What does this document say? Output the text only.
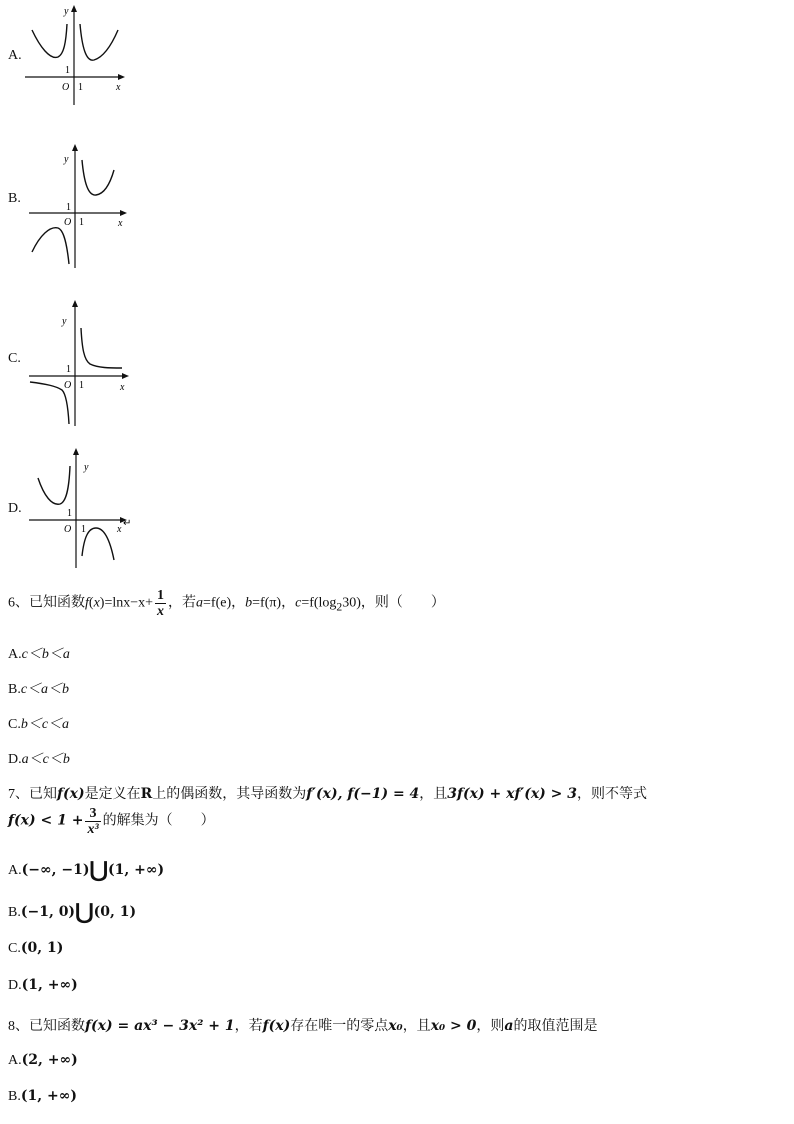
A.
y
x
O 1
1
B.
y
x
O 1
1
C.
y
x
O 1
1
D.
y
x
↵
O 1
1
6、已知函数$f(x)=\ln x-x+ \frac{1}{x}$ ，若a=f(e)，b=f(π)，$c=f(\log_230)$，则（　　）
A.c＜b＜a
B.c＜a＜b
C.b＜c＜a
D.a＜c＜b
7、已知f(x)是定义在R上的偶函数，其导函数为f′(x), f(−1) = 4，且3f(x) + xf′(x) > 3，则不等式
$f(x) < 1 + \frac{3}{\text{x³}}$ 的解集为（　　）
A.(−∞, −1)⋃(1, +∞)
B.(−1, 0)⋃(0, 1)
C.(0, 1)
D.(1, +∞)
8、已知函数f(x) = ax³ − 3x² + 1，若f(x)存在唯一的零点x₀，且x₀ > 0，则a的取值范围是
A.(2, +∞)
B.(1, +∞)
